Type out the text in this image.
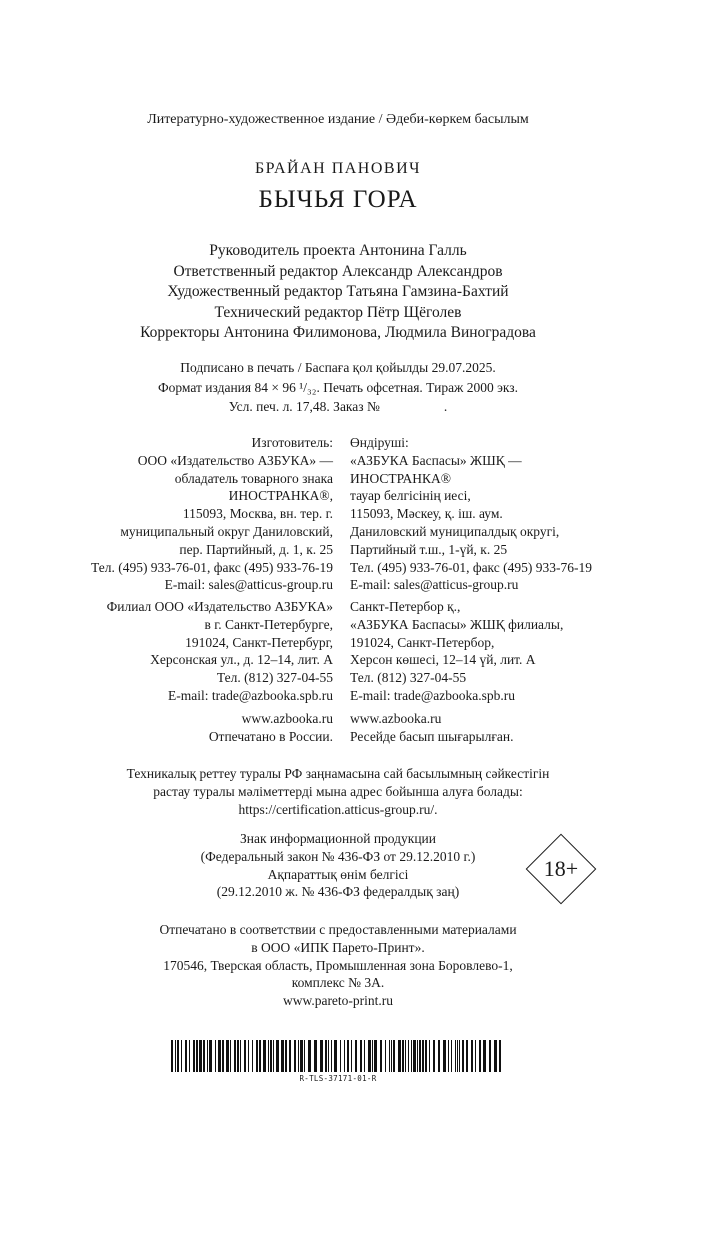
Литературно-художественное издание / Әдеби-көркем басылым
БРАЙАН ПАНОВИЧ
БЫЧЬЯ ГОРА
Руководитель проекта Антонина Галль
Ответственный редактор Александр Александров
Художественный редактор Татьяна Гамзина-Бахтий
Технический редактор Пётр Щёголев
Корректоры Антонина Филимонова, Людмила Виноградова
Подписано в печать / Баспаға қол қойылды 29.07.2025.
Формат издания 84 × 96 ¹/₃₂. Печать офсетная. Тираж 2000 экз.
Усл. печ. л. 17,48. Заказ №	.
Изготовитель:
ООО «Издательство АЗБУКА» —
обладатель товарного знака
ИНОСТРАНКА®,
115093, Москва, вн. тер. г.
муниципальный округ Даниловский,
пер. Партийный, д. 1, к. 25
Тел. (495) 933-76-01, факс (495) 933-76-19
E-mail: sales@atticus-group.ru
Өндіруші:
«АЗБУКА Баспасы» ЖШҚ —
ИНОСТРАНКА®
тауар белгісінің иесі,
115093, Мәскеу, қ. іш. аум.
Даниловский муниципалдық округі,
Партийный т.ш., 1-үй, к. 25
Тел. (495) 933-76-01, факс (495) 933-76-19
E-mail: sales@atticus-group.ru
Филиал ООО «Издательство АЗБУКА»
в г. Санкт-Петербурге,
191024, Санкт-Петербург,
Херсонская ул., д. 12–14, лит. А
Тел. (812) 327-04-55
E-mail: trade@azbooka.spb.ru
Санкт-Петербор қ.,
«АЗБУКА Баспасы» ЖШҚ филиалы,
191024, Санкт-Петербор,
Херсон көшесі, 12–14 үй, лит. А
Тел. (812) 327-04-55
E-mail: trade@azbooka.spb.ru
www.azbooka.ru
Отпечатано в России.
www.azbooka.ru
Ресейде басып шығарылған.
Техникалық реттеу туралы РФ заңнамасына сай басылымның сәйкестігін
растау туралы мәліметтерді мына адрес бойынша алуға болады:
https://certification.atticus-group.ru/.
Знак информационной продукции
(Федеральный закон № 436-ФЗ от 29.12.2010 г.)
Ақпараттық өнім белгісі
(29.12.2010 ж. № 436-ФЗ федералдық заң)
18+
Отпечатано в соответствии с предоставленными материалами
в ООО «ИПК Парето-Принт».
170546, Тверская область, Промышленная зона Боровлево-1,
комплекс № 3А.
www.pareto-print.ru
R-TLS-37171-01-R
